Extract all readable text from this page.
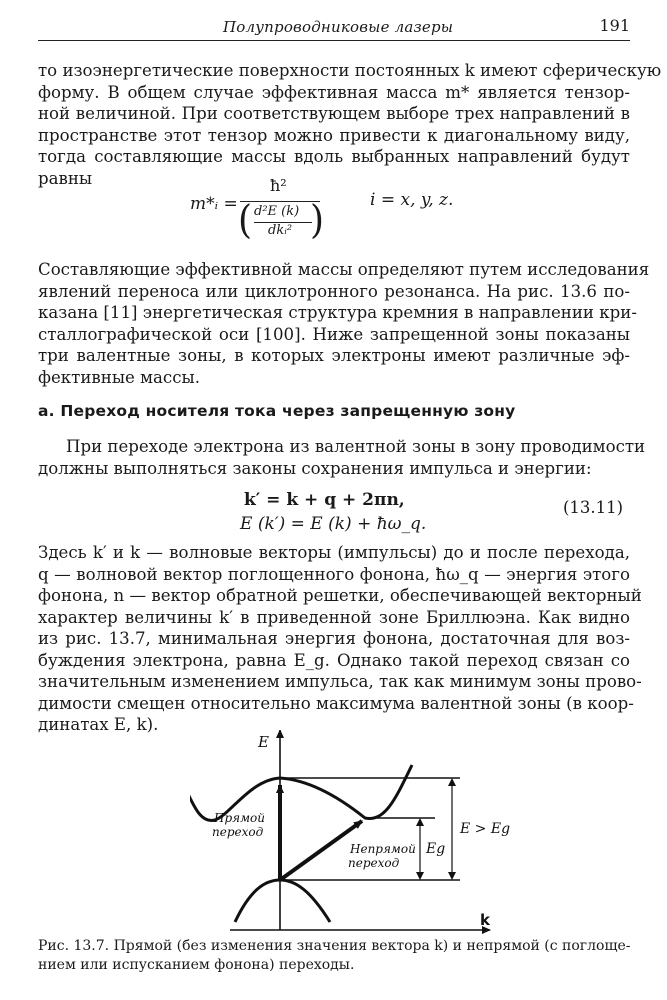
Полупроводниковые лазеры	191
то изоэнергетические поверхности постоянных k имеют сферическую
форму. В общем случае эффективная масса m* является тензор-
ной величиной. При соответствующем выборе трех направлений в
пространстве этот тензор можно привести к диагональному виду,
тогда составляющие массы вдоль выбранных направлений будут
равны
m*ᵢ =
ħ²
( d²E (k)
dkᵢ² )	i = x, y, z.
Составляющие эффективной массы определяют путем исследования
явлений переноса или циклотронного резонанса. На рис. 13.6 по-
казана [11] энергетическая структура кремния в направлении кри-
сталлографической оси [100]. Ниже запрещенной зоны показаны
три валентные зоны, в которых электроны имеют различные эф-
фективные массы.
а. Переход носителя тока через запрещенную зону
При переходе электрона из валентной зоны в зону проводимости
должны выполняться законы сохранения импульса и энергии:
k′ = k + q + 2πn,
E (k′) = E (k) + ħω_q.
(13.11)
Здесь k′ и k — волновые векторы (импульсы) до и после перехода,
q — волновой вектор поглощенного фонона, ħω_q — энергия этого
фонона, n — вектор обратной решетки, обеспечивающей векторный
характер величины k′ в приведенной зоне Бриллюэна. Как видно
из рис. 13.7, минимальная энергия фонона, достаточная для воз-
буждения электрона, равна E_g. Однако такой переход связан со
значительным изменением импульса, так как минимум зоны прово-
димости смещен относительно максимума валентной зоны (в коор-
динатах E, k).
E
k
Eg
E > Eg
Прямой
переход
Непрямой
переход
Рис. 13.7. Прямой (без изменения значения вектора k) и непрямой (с поглоще-
нием или испусканием фонона) переходы.
